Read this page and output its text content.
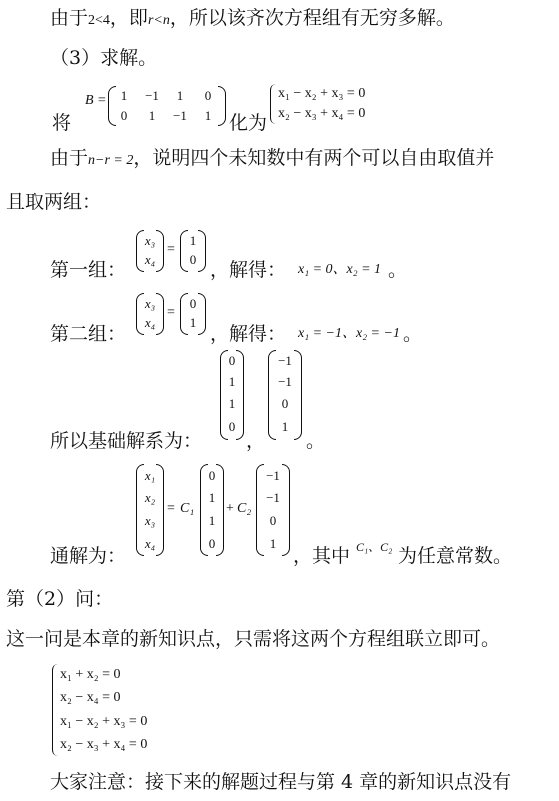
由于2<4，即r<n，所以该齐次方程组有无穷多解。
（3）求解。
将
B =	1	−1	1	0
0	1	−1	1 化为
x₁ − x₂ + x₃ = 0
x₂ − x₃ + x₄ = 0
由于n−r = 2，说明四个未知数中有两个可以自由取值并
且取两组：
第一组：
x₃
x₄
=
1
0 ，解得： x₁ = 0、x₂ = 1 。
第二组：
x₃
x₄
=
0
1
，解得： x₁ = −1、x₂ = −1 。
所以基础解系为：
0
1
1
0
，
−1
−1
0
1
。
通解为：
x₁
x₂
x₃
x₄
= C₁
0
1
1
0
+ C₂
−1
−1
0
1
，其中 C₁、C₂ 为任意常数。
第（2）问：
这一问是本章的新知识点，只需将这两个方程组联立即可。
x₁ + x₂ = 0
x₂ − x₄ = 0
x₁ − x₂ + x₃ = 0
x₂ − x₃ + x₄ = 0
大家注意：接下来的解题过程与第 4 章的新知识点没有
